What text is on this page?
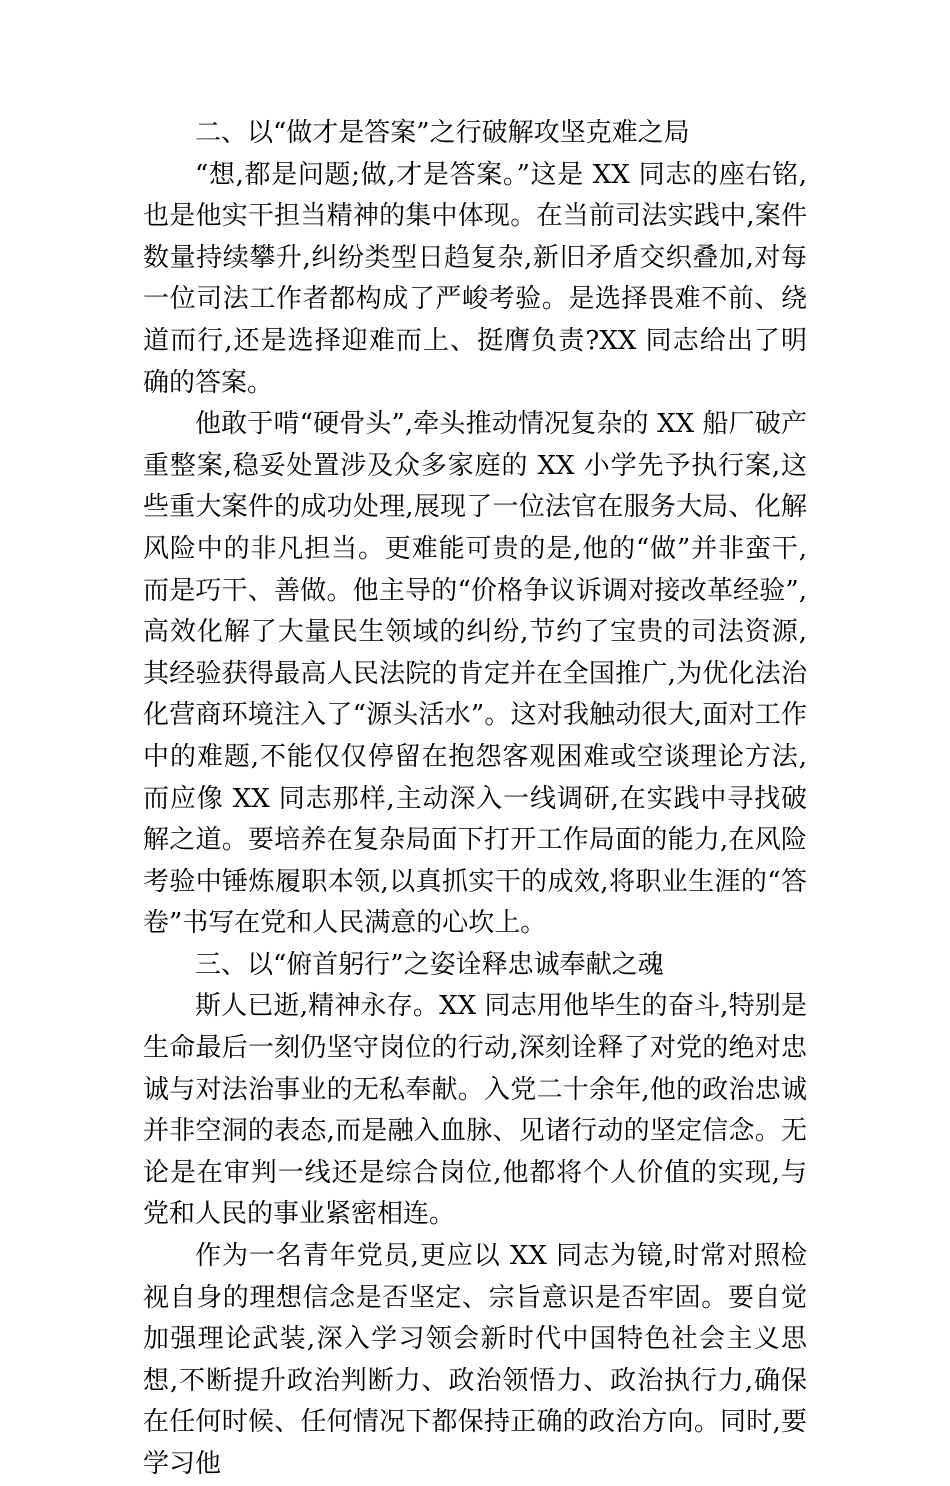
二、以“做才是答案”之行破解攻坚克难之局

“想,都是问题;做,才是答案。”这是 XX 同志的座右铭,也是他实干担当精神的集中体现。在当前司法实践中,案件数量持续攀升,纠纷类型日趋复杂,新旧矛盾交织叠加,对每一位司法工作者都构成了严峻考验。是选择畏难不前、绕道而行,还是选择迎难而上、挺膺负责?XX 同志给出了明确的答案。

他敢于啃“硬骨头”,牵头推动情况复杂的 XX 船厂破产重整案,稳妥处置涉及众多家庭的 XX 小学先予执行案,这些重大案件的成功处理,展现了一位法官在服务大局、化解风险中的非凡担当。更难能可贵的是,他的“做”并非蛮干,而是巧干、善做。他主导的“价格争议诉调对接改革经验”,高效化解了大量民生领域的纠纷,节约了宝贵的司法资源,其经验获得最高人民法院的肯定并在全国推广,为优化法治化营商环境注入了“源头活水”。这对我触动很大,面对工作中的难题,不能仅仅停留在抱怨客观困难或空谈理论方法,而应像 XX 同志那样,主动深入一线调研,在实践中寻找破解之道。要培养在复杂局面下打开工作局面的能力,在风险考验中锤炼履职本领,以真抓实干的成效,将职业生涯的“答卷”书写在党和人民满意的心坎上。

三、以“俯首躬行”之姿诠释忠诚奉献之魂

斯人已逝,精神永存。XX 同志用他毕生的奋斗,特别是生命最后一刻仍坚守岗位的行动,深刻诠释了对党的绝对忠诚与对法治事业的无私奉献。入党二十余年,他的政治忠诚并非空洞的表态,而是融入血脉、见诸行动的坚定信念。无论是在审判一线还是综合岗位,他都将个人价值的实现,与党和人民的事业紧密相连。

作为一名青年党员,更应以 XX 同志为镜,时常对照检视自身的理想信念是否坚定、宗旨意识是否牢固。要自觉加强理论武装,深入学习领会新时代中国特色社会主义思想,不断提升政治判断力、政治领悟力、政治执行力,确保在任何时候、任何情况下都保持正确的政治方向。同时,要学习他
